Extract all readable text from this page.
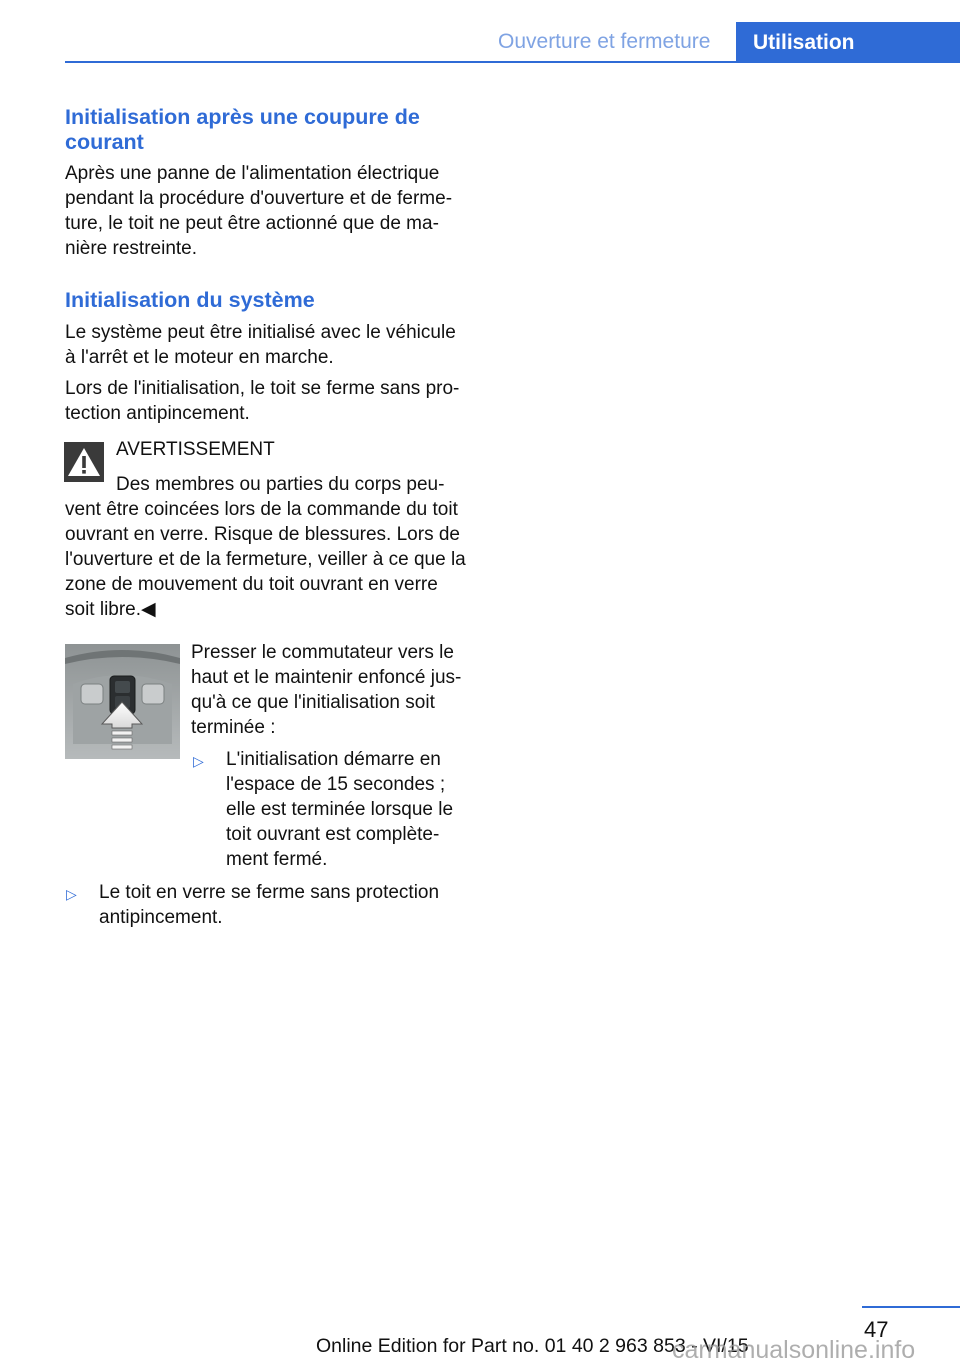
Ouverture et fermeture Utilisation
Initialisation après une coupure de
courant

Après une panne de l'alimentation électrique
pendant la procédure d'ouverture et de ferme‐
ture, le toit ne peut être actionné que de ma‐
nière restreinte.

Initialisation du système

Le système peut être initialisé avec le véhicule
à l'arrêt et le moteur en marche.

Lors de l'initialisation, le toit se ferme sans pro‐
tection antipincement.

AVERTISSEMENT

Des membres ou parties du corps peu‐
vent être coincées lors de la commande du toit
ouvrant en verre. Risque de blessures. Lors de
l'ouverture et de la fermeture, veiller à ce que la
zone de mouvement du toit ouvrant en verre
soit libre.◀

Presser le commutateur vers le
haut et le maintenir enfoncé jus‐
qu'à ce que l'initialisation soit
terminée :

▷ L'initialisation démarre en
l'espace de 15 secondes ;
elle est terminée lorsque le
toit ouvrant est complète‐
ment fermé.

▷ Le toit en verre se ferme sans protection
antipincement.

47
Online Edition for Part no. 01 40 2 963 853 - VI/15
carmanualsonline.info
